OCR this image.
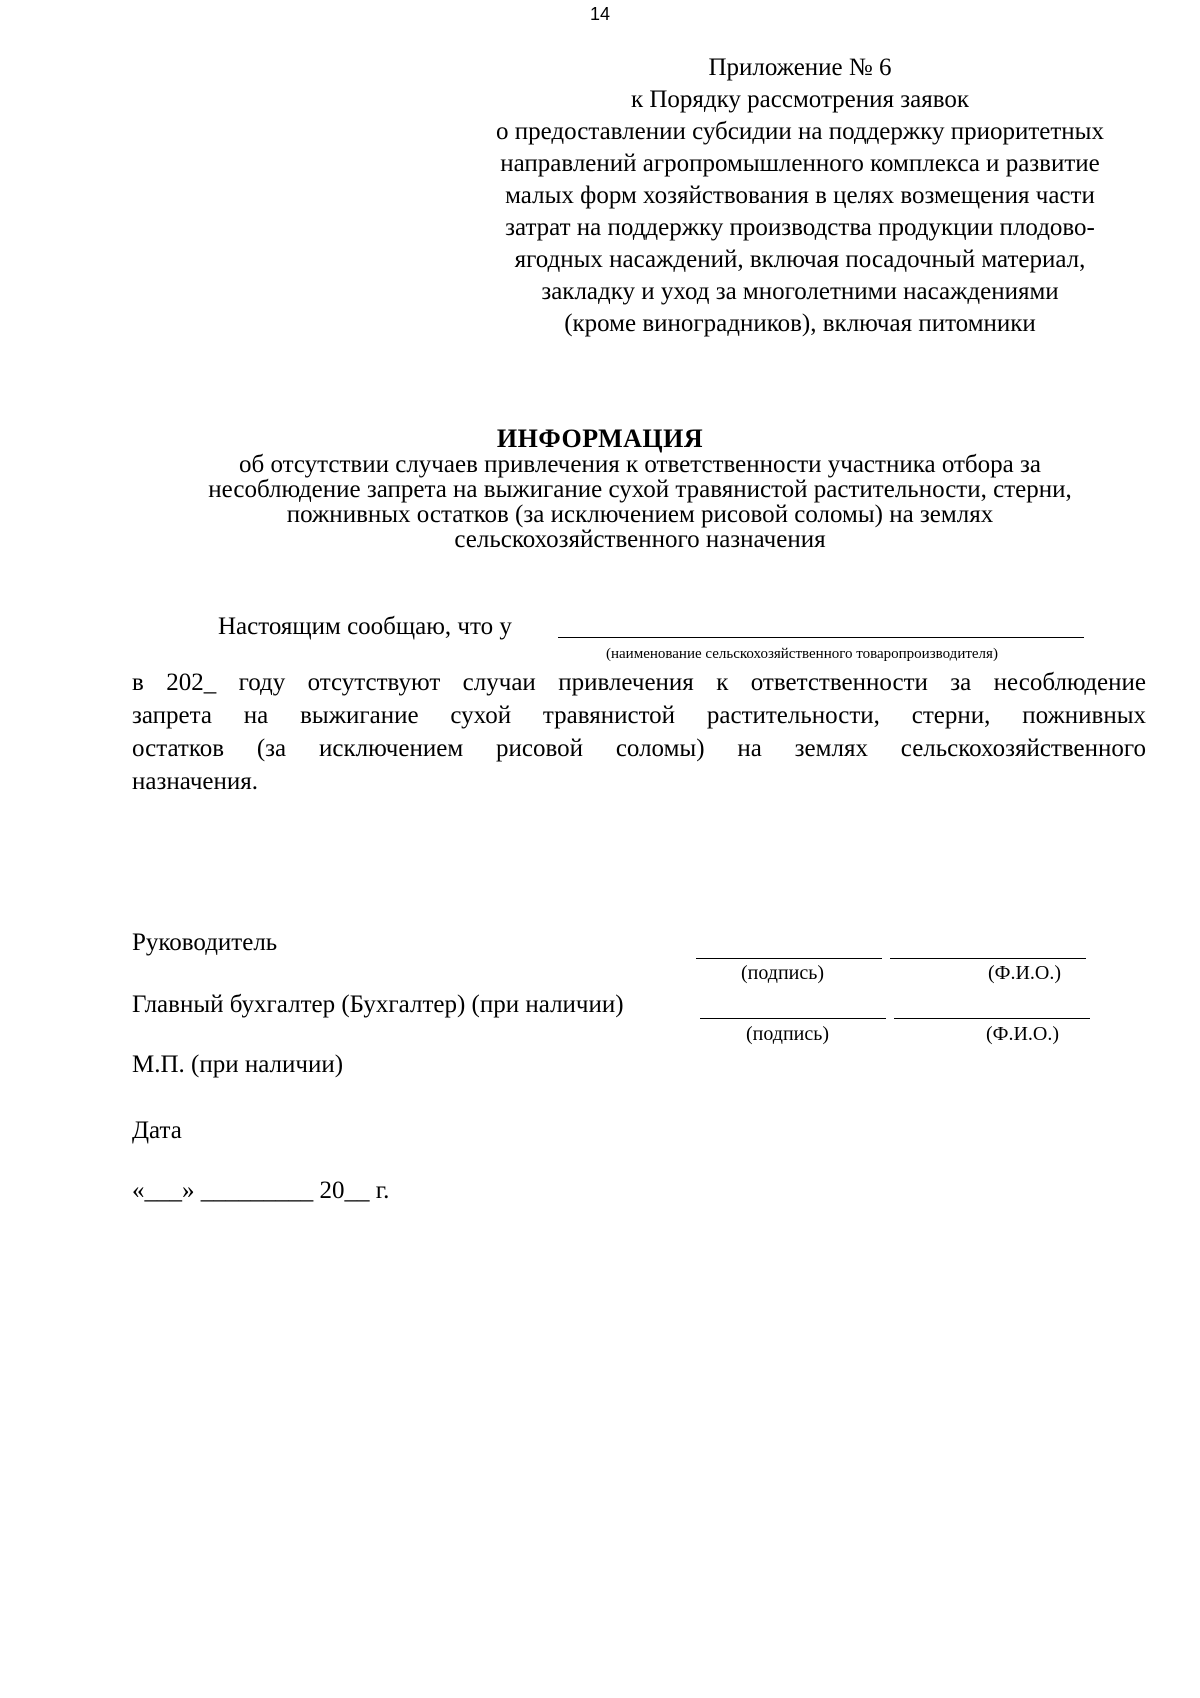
14
Приложение № 6
к Порядку рассмотрения заявок
о предоставлении субсидии на поддержку приоритетных
направлений агропромышленного комплекса и развитие
малых форм хозяйствования в целях возмещения части
затрат на поддержку производства продукции плодово-
ягодных насаждений, включая посадочный материал,
закладку и уход за многолетними насаждениями
(кроме виноградников), включая питомники
ИНФОРМАЦИЯ
об отсутствии случаев привлечения к ответственности участника отбора за
несоблюдение запрета на выжигание сухой травянистой растительности, стерни,
пожнивных остатков (за исключением рисовой соломы) на землях
сельскохозяйственного назначения
Настоящим сообщаю, что у
(наименование сельскохозяйственного товаропроизводителя)
в 202_ году отсутствуют случаи привлечения к ответственности за несоблюдение
запрета на выжигание сухой травянистой растительности, стерни, пожнивных
остатков (за исключением рисовой соломы) на землях сельскохозяйственного
назначения.
Руководитель
(подпись)	(Ф.И.О.)
Главный бухгалтер (Бухгалтер) (при наличии)
(подпись)	(Ф.И.О.)
М.П. (при наличии)
Дата
«___» _________ 20__ г.
